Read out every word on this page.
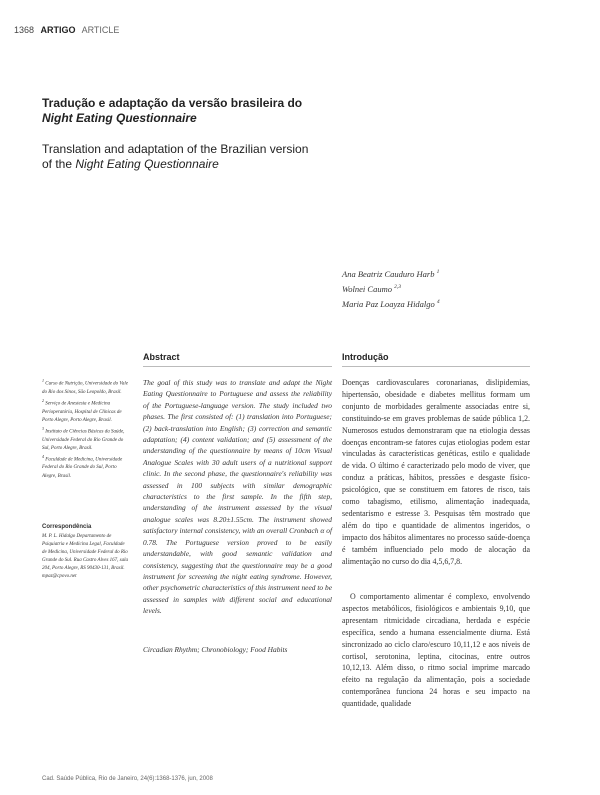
1368 ARTIGO ARTICLE
Tradução e adaptação da versão brasileira do
Night Eating Questionnaire
Translation and adaptation of the Brazilian version
of the Night Eating Questionnaire
Ana Beatriz Cauduro Harb $^1$
Wolnei Caumo $^{2,3}$
Maria Paz Loayza Hidalgo $^4$
Abstract	Introdução

$^1$ Curso de Nutrição, Universidade do Vale do Rio dos Sinos, São Leopoldo, Brasil.

$^2$ Serviço de Anestesia e Medicina Perioperatória, Hospital de Clínicas de Porto Alegre, Porto Alegre, Brasil.

$^3$ Instituto de Ciências Básicas da Saúde, Universidade Federal do Rio Grande do Sul, Porto Alegre, Brasil.

$^4$ Faculdade de Medicina, Universidade Federal do Rio Grande do Sul, Porto Alegre, Brasil.

Correspondência
M. P. L. Hidalgo Departamento de Psiquiatria e Medicina Legal, Faculdade de Medicina, Universidade Federal do Rio Grande do Sul. Rua Castro Alves 167, sala 204, Porto Alegre, RS 90430-131, Brasil. mpaz@cpovo.net
The goal of this study was to translate and adapt the Night Eating Questionnaire to Portuguese and assess the reliability of the Portuguese-language version. The study included two phases. The first consisted of: (1) translation into Portuguese; (2) back-translation into English; (3) correction and semantic adaptation; (4) content validation; and (5) assessment of the understanding of the questionnaire by means of 10cm Visual Analogue Scales with 30 adult users of a nutritional support clinic. In the second phase, the questionnaire's reliability was assessed in 100 subjects with similar demographic characteristics to the first sample. In the fifth step, understanding of the instrument assessed by the visual analogue scales was 8.20±1.55cm. The instrument showed satisfactory internal consistency, with an overall Cronbach α of 0.78. The Portuguese version proved to be easily understandable, with good semantic validation and consistency, suggesting that the questionnaire may be a good instrument for screening the night eating syndrome. However, other psychometric characteristics of this instrument need to be assessed in samples with different social and educational levels.
Circadian Rhythm; Chronobiology; Food Habits
Doenças cardiovasculares coronarianas, dislipidemias, hipertensão, obesidade e diabetes mellitus formam um conjunto de morbidades geralmente associadas entre si, constituindo-se em graves problemas de saúde pública 1,2. Numerosos estudos demonstraram que na etiologia dessas doenças encontram-se fatores cujas etiologias podem estar vinculadas às características genéticas, estilo e qualidade de vida. O último é caracterizado pelo modo de viver, que conduz a práticas, hábitos, pressões e desgaste físico-psicológico, que se constituem em fatores de risco, tais como tabagismo, etilismo, alimentação inadequada, sedentarismo e estresse 3. Pesquisas têm mostrado que além do tipo e quantidade de alimentos ingeridos, o impacto dos hábitos alimentares no processo saúde-doença é também influenciado pelo modo de alocação da alimentação no curso do dia 4,5,6,7,8.
O comportamento alimentar é complexo, envolvendo aspectos metabólicos, fisiológicos e ambientais 9,10, que apresentam ritmicidade circadiana, herdada e espécie específica, sendo a humana essencialmente diurna. Está sincronizado ao ciclo claro/escuro 10,11,12 e aos níveis de cortisol, serotonina, leptina, citocinas, entre outros 10,12,13. Além disso, o ritmo social imprime marcado efeito na regulação da alimentação, pois a sociedade contemporânea funciona 24 horas e seu impacto na quantidade, qualidade
Cad. Saúde Pública, Rio de Janeiro, 24(6):1368-1376, jun, 2008
